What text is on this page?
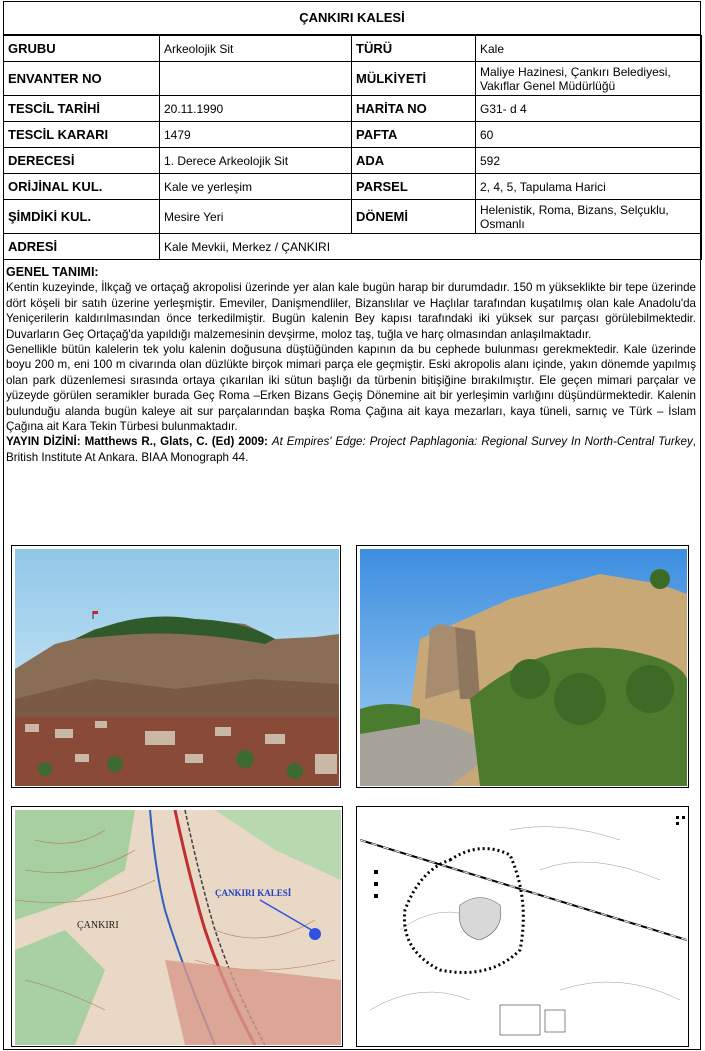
ÇANKIRI KALESİ
GRUBU	Arkeolojik Sit	TÜRÜ	Kale
ENVANTER NO		MÜLKİYETİ	Maliye Hazinesi, Çankırı Belediyesi, Vakıflar Genel Müdürlüğü
TESCİL TARİHİ	20.11.1990	HARİTA NO	G31- d 4
TESCİL KARARI	1479	PAFTA	60
DERECESİ	1. Derece Arkeolojik Sit	ADA	592
ORİJİNAL KUL.	Kale ve yerleşim	PARSEL	2, 4, 5, Tapulama Harici
ŞİMDİKİ KUL.	Mesire Yeri	DÖNEMİ	Helenistik, Roma, Bizans, Selçuklu, Osmanlı
ADRESİ	Kale Mevkii, Merkez / ÇANKIRI		
GENEL TANIMI:

Kentin kuzeyinde, İlkçağ ve ortaçağ akropolisi üzerinde yer alan kale bugün harap bir durumdadır. 150 m yükseklikte bir tepe üzerinde dört köşeli bir satıh üzerine yerleşmiştir. Emeviler, Danişmendliler, Bizanslılar ve Haçlılar tarafından kuşatılmış olan kale Anadolu'da Yeniçerilerin kaldırılmasından önce terkedilmiştir. Bugün kalenin Bey kapısı tarafındaki iki yüksek sur parçası görülebilmektedir. Duvarların Geç Ortaçağ'da yapıldığı malzemesinin devşirme, moloz taş, tuğla ve harç olmasından anlaşılmaktadır.

Genellikle bütün kalelerin tek yolu kalenin doğusuna düştüğünden kapının da bu cephede bulunması gerekmektedir. Kale üzerinde boyu 200 m, eni 100 m civarında olan düzlükte birçok mimari parça ele geçmiştir. Eski akropolis alanı içinde, yakın dönemde yapılmış olan park düzenlemesi sırasında ortaya çıkarılan iki sütun başlığı da türbenin bitişiğine bırakılmıştır. Ele geçen mimari parçalar ve yüzeyde görülen seramikler burada Geç Roma –Erken Bizans Geçiş Dönemine ait bir yerleşimin varlığını düşündürmektedir. Kalenin bulunduğu alanda bugün kaleye ait sur parçalarından başka Roma Çağına ait kaya mezarları, kaya tüneli, sarnıç ve Türk – İslam Çağına ait Kara Tekin Türbesi bulunmaktadır.

YAYIN DİZİNİ: Matthews R., Glats, C. (Ed) 2009: At Empires' Edge: Project Paphlagonia: Regional Survey In North-Central Turkey, British Institute At Ankara. BIAA Monograph 44.

ÇANKIRI KALESİ
ÇANKIRI
